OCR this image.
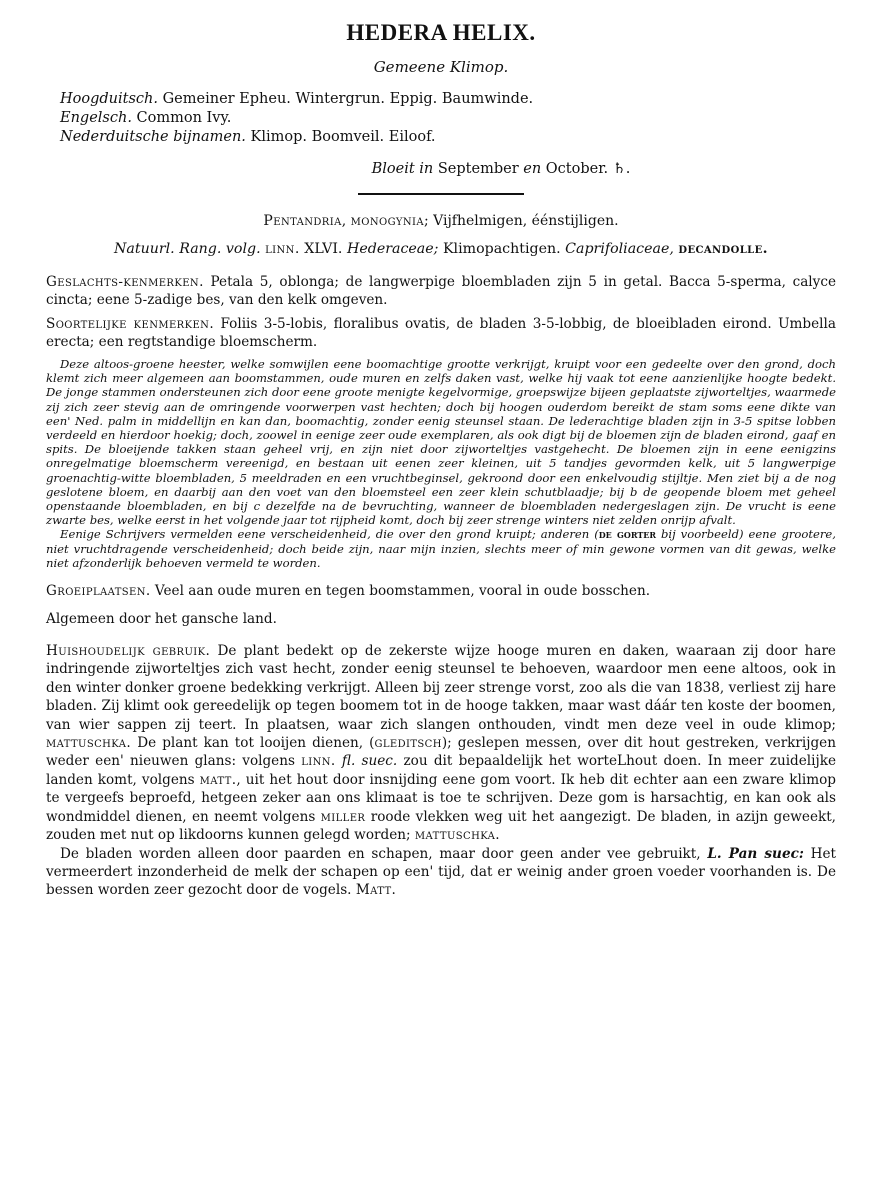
HEDERA HELIX.
Gemeene Klimop.
Hoogduitsch. Gemeiner Epheu. Wintergrun. Eppig. Baumwinde.
Engelsch. Common Ivy.
Nederduitsche bijnamen. Klimop. Boomveil. Eiloof.
Bloeit in September en October. ♄.
Pentandria, monogynia; Vijfhelmigen, éénstijligen.
Natuurl. Rang. volg. linn. XLVI. Hederaceae; Klimopachtigen. Caprifoliaceae, decandolle.

Geslachts-kenmerken. Petala 5, oblonga; de langwerpige bloembladen zijn 5 in getal. Bacca 5-sperma, calyce cincta; eene 5-zadige bes, van den kelk omgeven.

Soortelijke kenmerken. Foliis 3-5-lobis, floralibus ovatis, de bladen 3-5-lobbig, de bloeibladen eirond. Umbella erecta; een regtstandige bloemscherm.

Deze altoos-groene heester, welke somwijlen eene boomachtige grootte verkrijgt, kruipt voor een gedeelte over den grond, doch klemt zich meer algemeen aan boomstammen, oude muren en zelfs daken vast, welke hij vaak tot eene aanzienlijke hoogte bedekt. De jonge stammen ondersteunen zich door eene groote menigte kegelvormige, groepswijze bijeen geplaatste zijworteltjes, waarmede zij zich zeer stevig aan de omringende voorwerpen vast hechten; doch bij hoogen ouderdom bereikt de stam soms eene dikte van een' Ned. palm in middellijn en kan dan, boomachtig, zonder eenig steunsel staan. De lederachtige bladen zijn in 3-5 spitse lobben verdeeld en hierdoor hoekig; doch, zoowel in eenige zeer oude exemplaren, als ook digt bij de bloemen zijn de bladen eirond, gaaf en spits. De bloeijende takken staan geheel vrij, en zijn niet door zijworteltjes vastgehecht. De bloemen zijn in eene eenigzins onregelmatige bloemscherm vereenigd, en bestaan uit eenen zeer kleinen, uit 5 tandjes gevormden kelk, uit 5 langwerpige groenachtig-witte bloembladen, 5 meeldraden en een vruchtbeginsel, gekroond door een enkelvoudig stijltje. Men ziet bij a de nog geslotene bloem, en daarbij aan den voet van den bloemsteel een zeer klein schutblaadje; bij b de geopende bloem met geheel openstaande bloembladen, en bij c dezelfde na de bevruchting, wanneer de bloembladen nedergeslagen zijn. De vrucht is eene zwarte bes, welke eerst in het volgende jaar tot rijpheid komt, doch bij zeer strenge winters niet zelden onrijp afvalt.

Eenige Schrijvers vermelden eene verscheidenheid, die over den grond kruipt; anderen (de gorter bij voorbeeld) eene grootere, niet vruchtdragende verscheidenheid; doch beide zijn, naar mijn inzien, slechts meer of min gewone vormen van dit gewas, welke niet afzonderlijk behoeven vermeld te worden.

Groeiplaatsen. Veel aan oude muren en tegen boomstammen, vooral in oude bosschen.

Algemeen door het gansche land.

Huishoudelijk gebruik. De plant bedekt op de zekerste wijze hooge muren en daken, waaraan zij door hare indringende zijworteltjes zich vast hecht, zonder eenig steunsel te behoeven, waardoor men eene altoos, ook in den winter donker groene bedekking verkrijgt. Alleen bij zeer strenge vorst, zoo als die van 1838, verliest zij hare bladen. Zij klimt ook gereedelijk op tegen boomem tot in de hooge takken, maar wast dáár ten koste der boomen, van wier sappen zij teert. In plaatsen, waar zich slangen onthouden, vindt men deze veel in oude klimop; mattuschka. De plant kan tot looijen dienen, (gleditsch); geslepen messen, over dit hout gestreken, verkrijgen weder een' nieuwen glans: volgens linn. fl. suec. zou dit bepaaldelijk het worteLhout doen. In meer zuidelijke landen komt, volgens matt., uit het hout door insnijding eene gom voort. Ik heb dit echter aan een zware klimop te vergeefs beproefd, hetgeen zeker aan ons klimaat is toe te schrijven. Deze gom is harsachtig, en kan ook als wondmiddel dienen, en neemt volgens miller roode vlekken weg uit het aangezigt. De bladen, in azijn geweekt, zouden met nut op likdoorns kunnen gelegd worden; mattuschka.

De bladen worden alleen door paarden en schapen, maar door geen ander vee gebruikt, L. Pan suec: Het vermeerdert inzonderheid de melk der schapen op een' tijd, dat er weinig ander groen voeder voorhanden is. De bessen worden zeer gezocht door de vogels. Matt.
